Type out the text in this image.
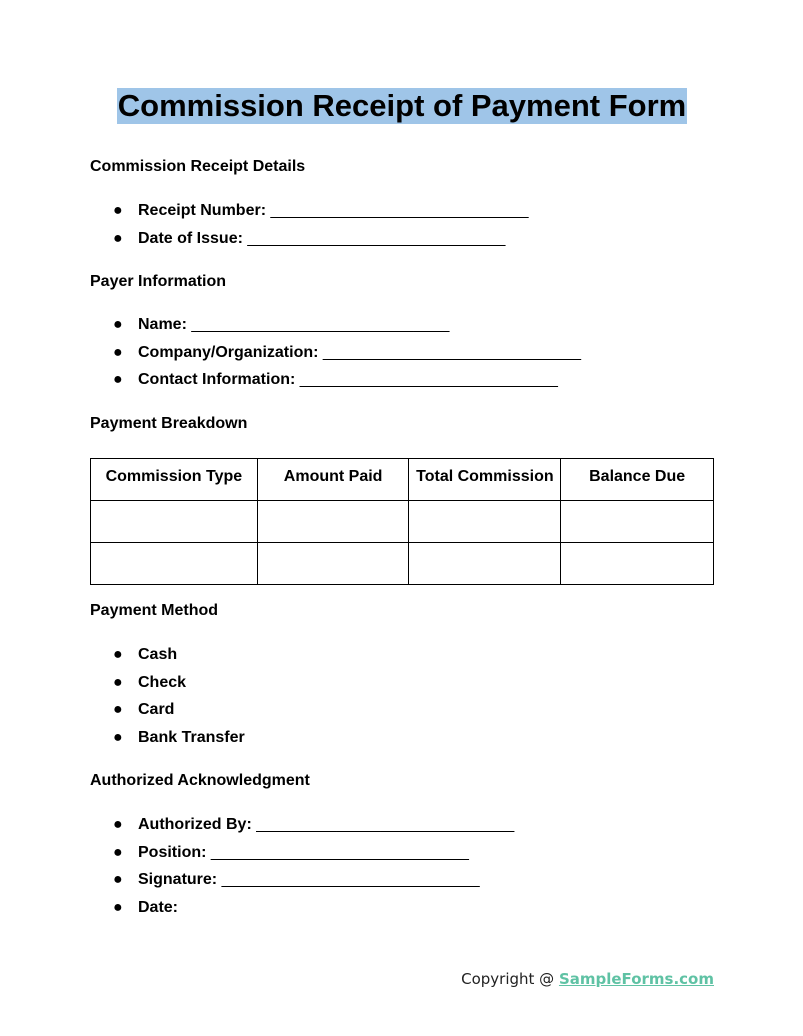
Commission Receipt of Payment Form
Commission Receipt Details
● Receipt Number: _____________________________
● Date of Issue: _____________________________
Payer Information
● Name: _____________________________
● Company/Organization: _____________________________
● Contact Information: _____________________________
Payment Breakdown
Commission Type	Amount Paid	Total Commission	Balance Due

Payment Method
● Cash
● Check
● Card
● Bank Transfer
Authorized Acknowledgment
● Authorized By: _____________________________
● Position: _____________________________
● Signature: _____________________________
● Date:
Copyright @ SampleForms.com
